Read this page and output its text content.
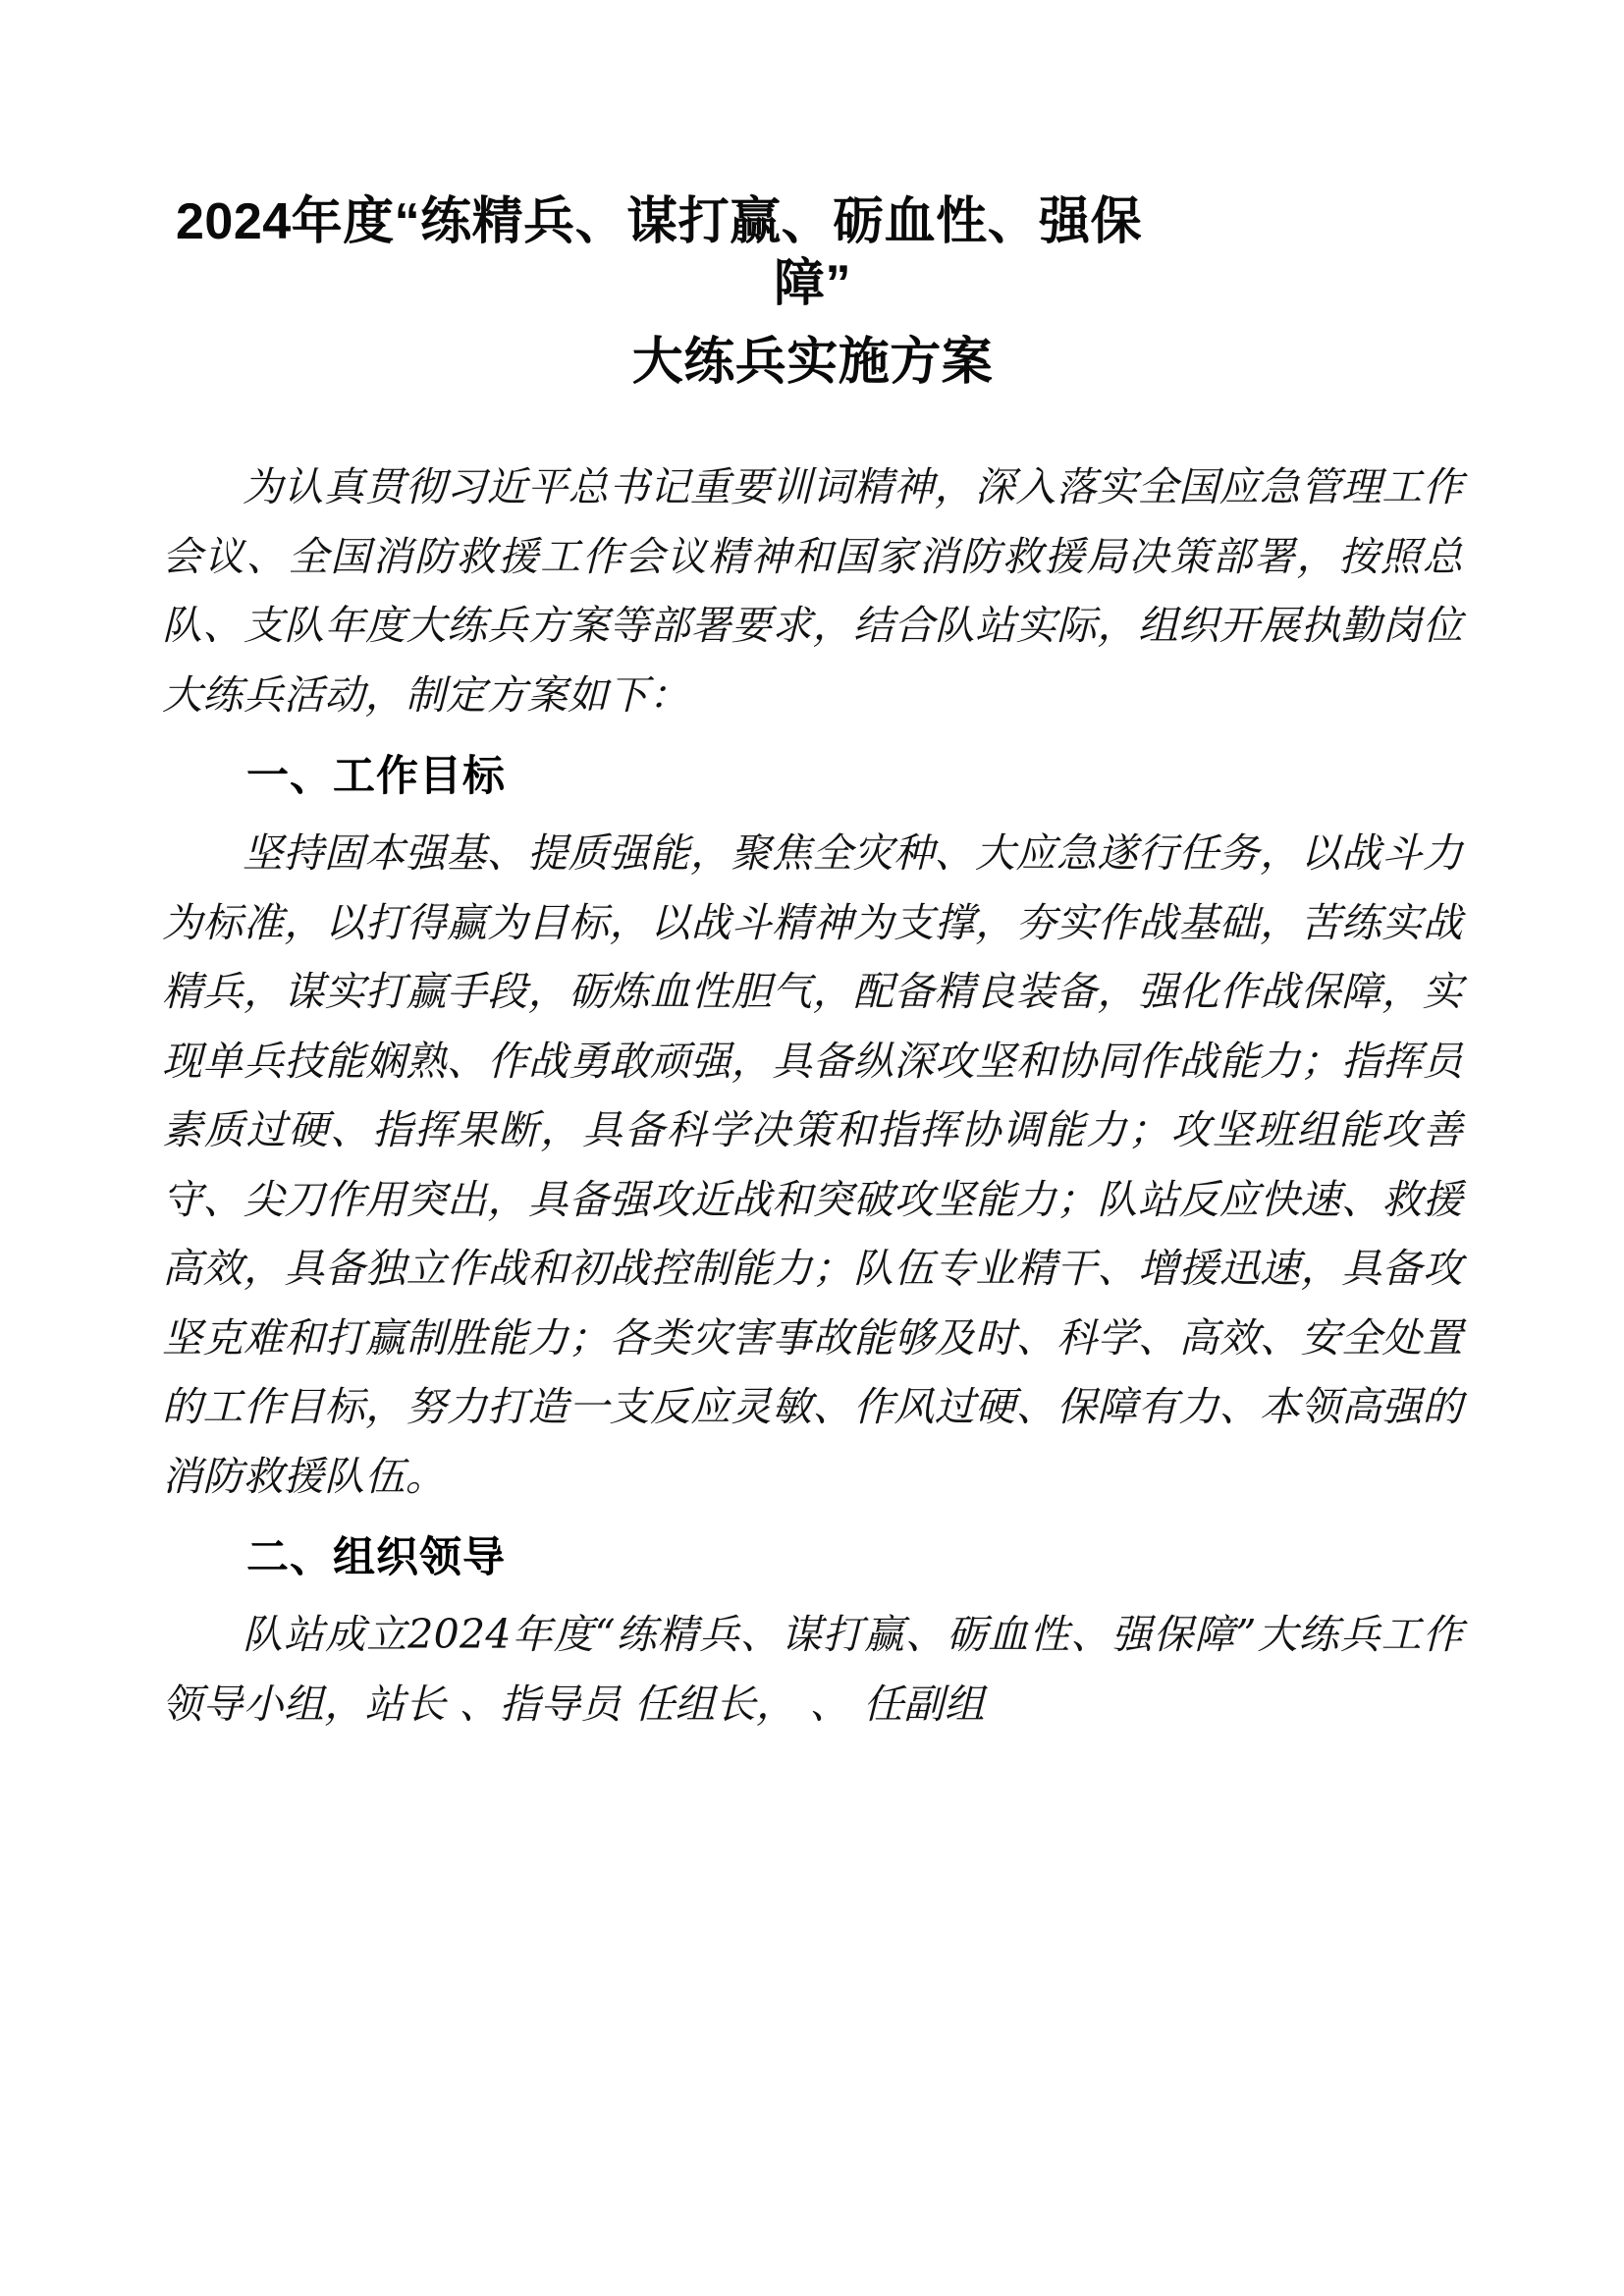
2024年度“练精兵、谋打赢、砺血性、强保
障”
大练兵实施方案

为认真贯彻习近平总书记重要训词精神，深入落实全国应急管理工作会议、全国消防救援工作会议精神和国家消防救援局决策部署，按照总队、支队年度大练兵方案等部署要求，结合队站实际，组织开展执勤岗位大练兵活动，制定方案如下：

一、工作目标

坚持固本强基、提质强能，聚焦全灾种、大应急遂行任务，以战斗力为标准，以打得赢为目标，以战斗精神为支撑，夯实作战基础，苦练实战精兵，谋实打赢手段，砺炼血性胆气，配备精良装备，强化作战保障，实现单兵技能娴熟、作战勇敢顽强，具备纵深攻坚和协同作战能力；指挥员素质过硬、指挥果断，具备科学决策和指挥协调能力；攻坚班组能攻善守、尖刀作用突出，具备强攻近战和突破攻坚能力；队站反应快速、救援高效，具备独立作战和初战控制能力；队伍专业精干、增援迅速，具备攻坚克难和打赢制胜能力；各类灾害事故能够及时、科学、高效、安全处置的工作目标，努力打造一支反应灵敏、作风过硬、保障有力、本领高强的消防救援队伍。

二、组织领导

队站成立2024年度“练精兵、谋打赢、砺血性、强保障”大练兵工作领导小组，站长 、指导员 任组长， 、 任副组
